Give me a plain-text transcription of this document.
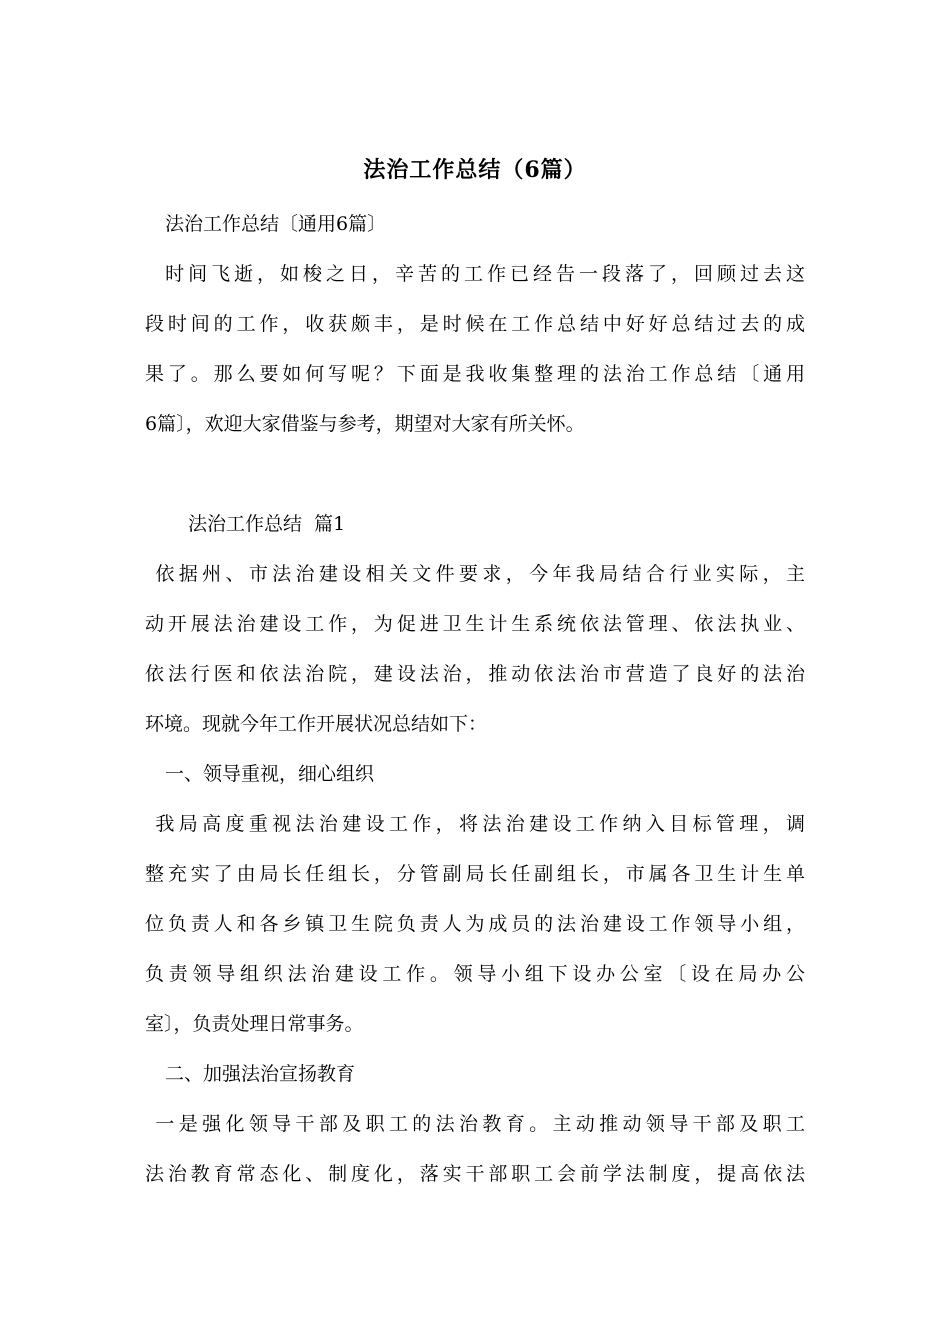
法治工作总结（6篇）
法治工作总结〔通用6篇〕
时间飞逝，如梭之日，辛苦的工作已经告一段落了，回顾过去这
段时间的工作，收获颇丰，是时候在工作总结中好好总结过去的成
果了。那么要如何写呢？下面是我收集整理的法治工作总结〔通用
6篇〕，欢迎大家借鉴与参考，期望对大家有所关怀。
法治工作总结  篇1
依据州、市法治建设相关文件要求，今年我局结合行业实际，主
动开展法治建设工作，为促进卫生计生系统依法管理、依法执业、
依法行医和依法治院，建设法治，推动依法治市营造了良好的法治
环境。现就今年工作开展状况总结如下：
一、领导重视，细心组织
我局高度重视法治建设工作，将法治建设工作纳入目标管理，调
整充实了由局长任组长，分管副局长任副组长，市属各卫生计生单
位负责人和各乡镇卫生院负责人为成员的法治建设工作领导小组，
负责领导组织法治建设工作。领导小组下设办公室〔设在局办公
室〕，负责处理日常事务。
二、加强法治宣扬教育
一是强化领导干部及职工的法治教育。主动推动领导干部及职工
法治教育常态化、制度化，落实干部职工会前学法制度，提高依法
